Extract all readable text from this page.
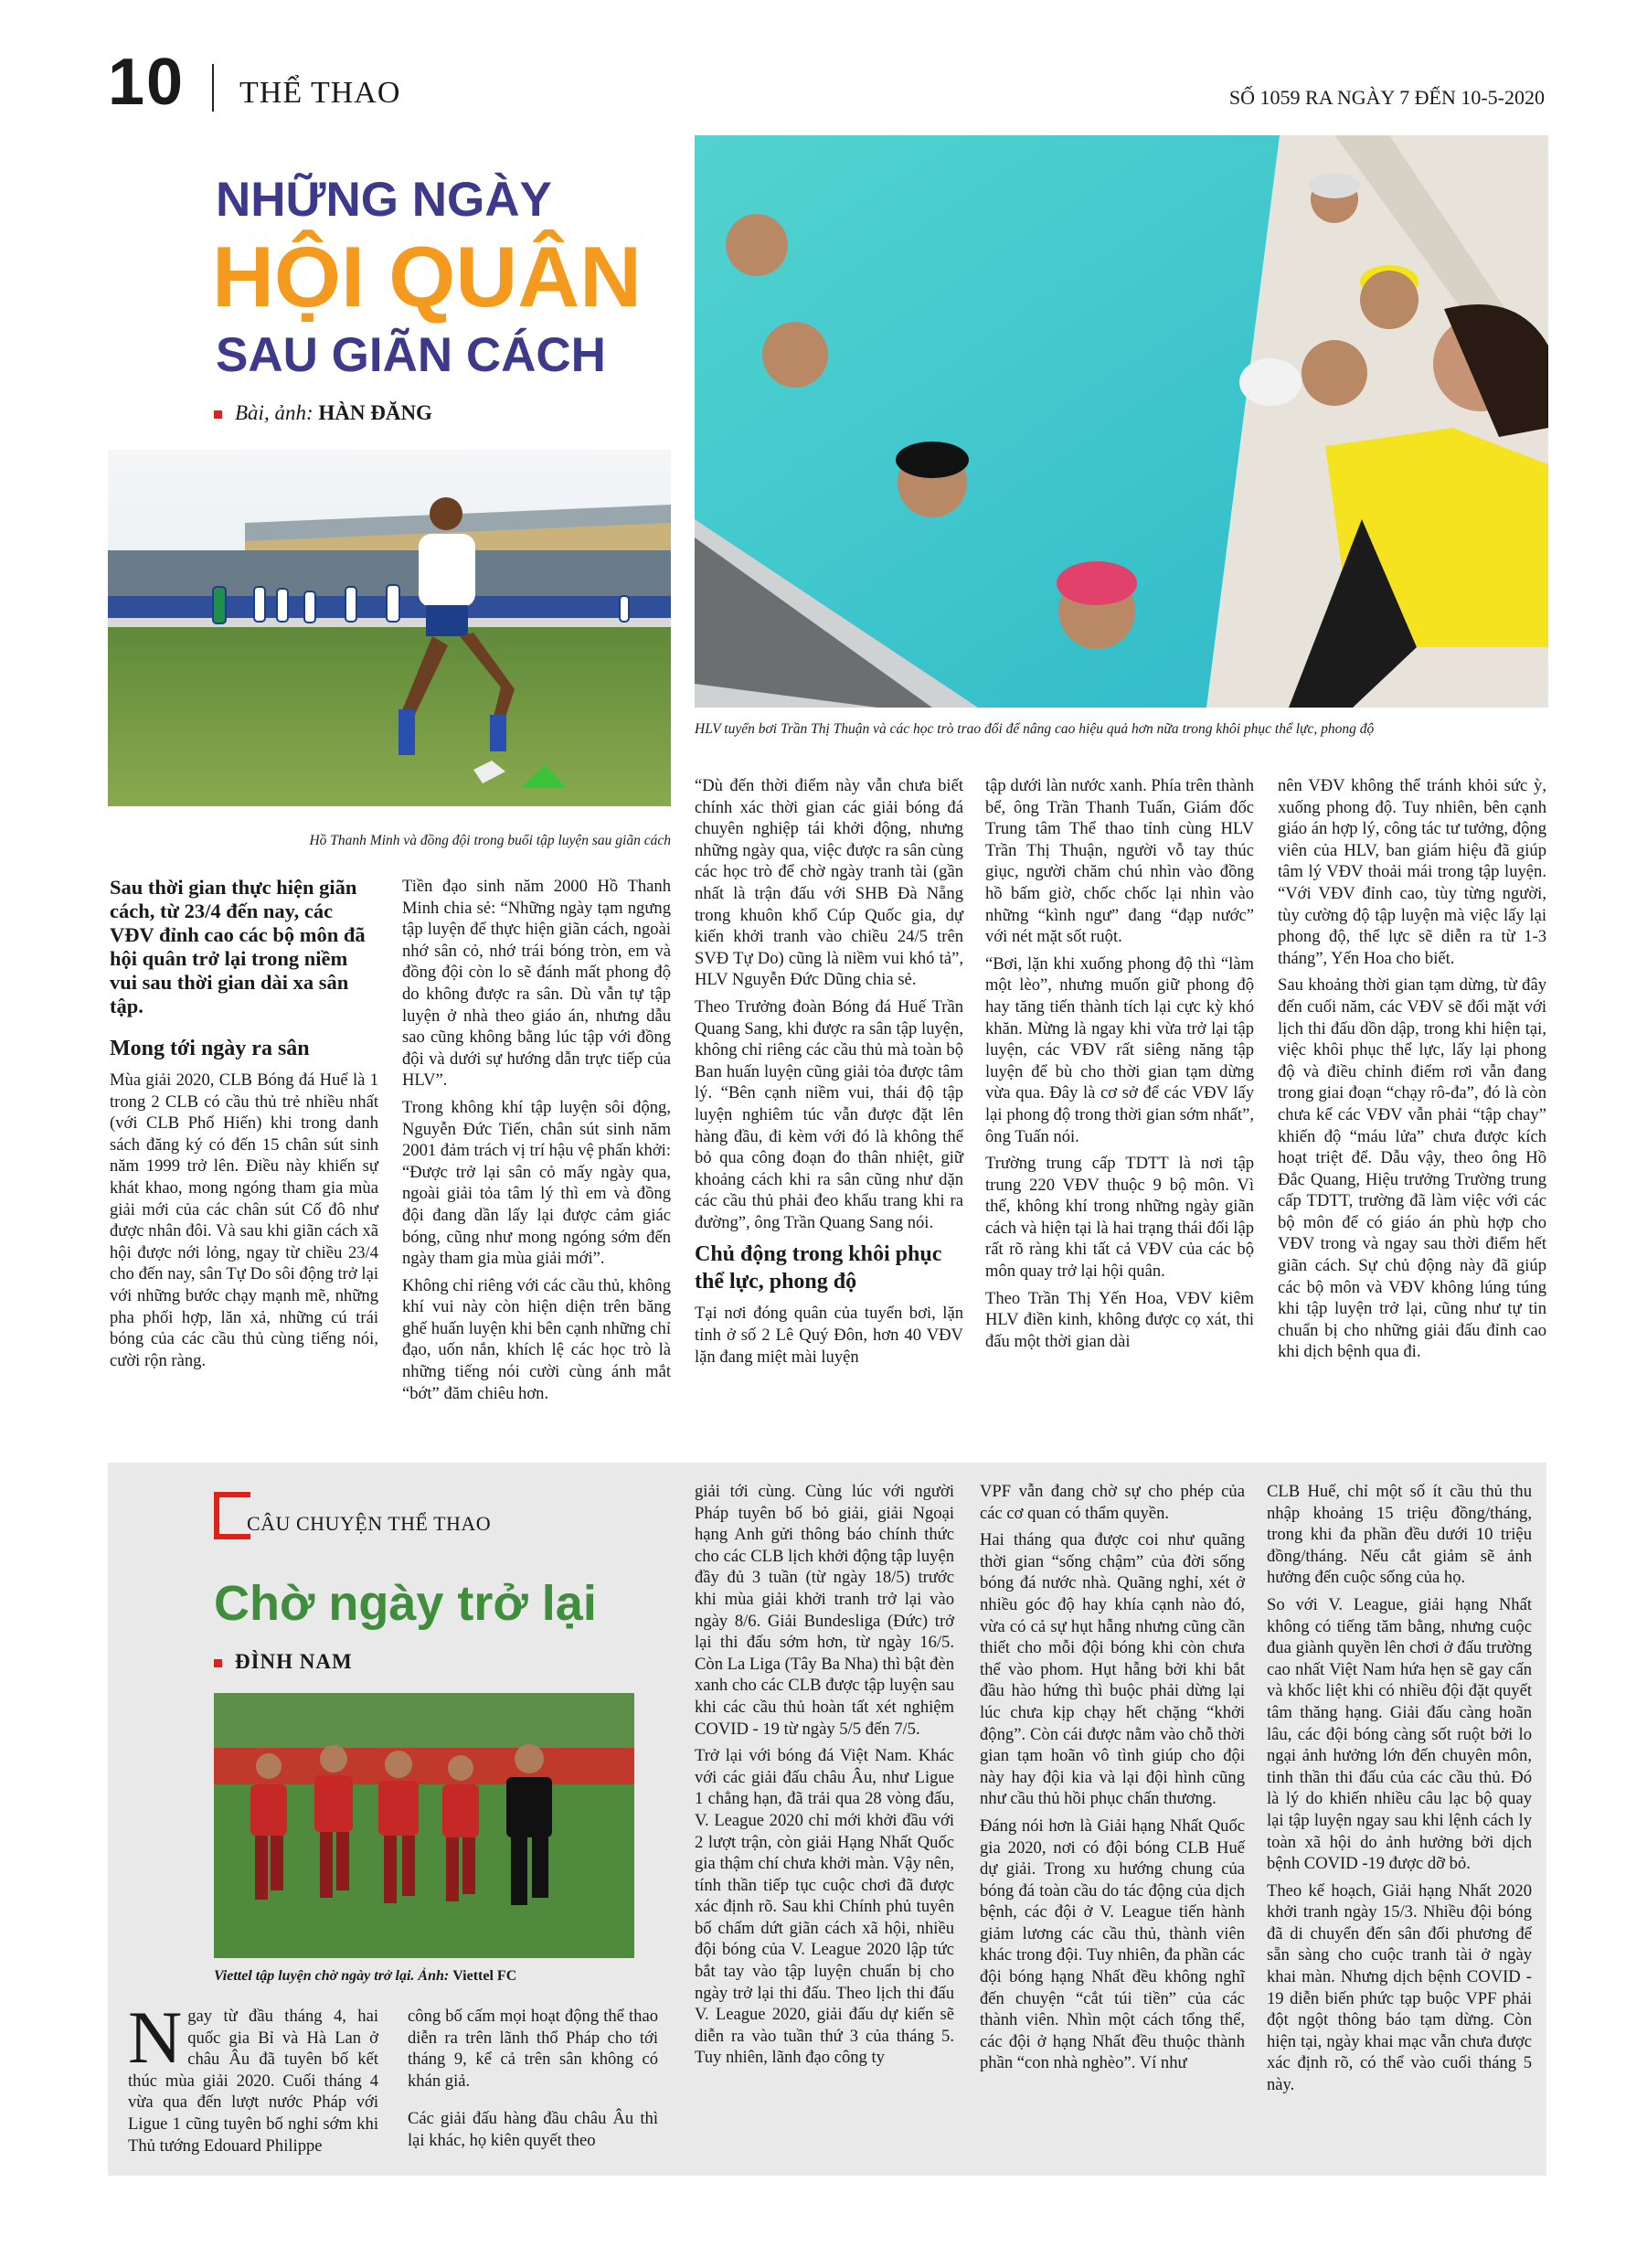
10 THỂ THAO	SỐ 1059 RA NGÀY 7 ĐẾN 10-5-2020
NHỮNG NGÀY
HỘI QUÂN
SAU GIÃN CÁCH
Bài, ảnh: HÀN ĐĂNG
Hồ Thanh Minh và đồng đội trong buổi tập luyện sau giãn cách
HLV tuyển bơi Trần Thị Thuận và các học trò trao đổi để nâng cao hiệu quả hơn nữa trong khôi phục thể lực, phong độ
Sau thời gian thực hiện giãn cách, từ 23/4 đến nay, các VĐV đỉnh cao các bộ môn đã hội quân trở lại trong niềm vui sau thời gian dài xa sân tập.
Mong tới ngày ra sân

Mùa giải 2020, CLB Bóng đá Huế là 1 trong 2 CLB có cầu thủ trẻ nhiều nhất (với CLB Phố Hiến) khi trong danh sách đăng ký có đến 15 chân sút sinh năm 1999 trở lên. Điều này khiến sự khát khao, mong ngóng tham gia mùa giải mới của các chân sút Cố đô như được nhân đôi. Và sau khi giãn cách xã hội được nới lỏng, ngay từ chiều 23/4 cho đến nay, sân Tự Do sôi động trở lại với những bước chạy mạnh mẽ, những pha phối hợp, lăn xả, những cú trái bóng của các cầu thủ cùng tiếng nói, cười rộn ràng.

Tiền đạo sinh năm 2000 Hồ Thanh Minh chia sẻ: “Những ngày tạm ngưng tập luyện để thực hiện giãn cách, ngoài nhớ sân cỏ, nhớ trái bóng tròn, em và đồng đội còn lo sẽ đánh mất phong độ do không được ra sân. Dù vẫn tự tập luyện ở nhà theo giáo án, nhưng dẫu sao cũng không bằng lúc tập với đồng đội và dưới sự hướng dẫn trực tiếp của HLV”.

Trong không khí tập luyện sôi động, Nguyễn Đức Tiến, chân sút sinh năm 2001 đảm trách vị trí hậu vệ phấn khởi: “Được trở lại sân cỏ mấy ngày qua, ngoài giải tỏa tâm lý thì em và đồng đội đang dần lấy lại được cảm giác bóng, cũng như mong ngóng sớm đến ngày tham gia mùa giải mới”.

Không chỉ riêng với các cầu thủ, không khí vui này còn hiện diện trên băng ghế huấn luyện khi bên cạnh những chỉ đạo, uốn nắn, khích lệ các học trò là những tiếng nói cười cùng ánh mắt “bớt” đăm chiêu hơn.

“Dù đến thời điểm này vẫn chưa biết chính xác thời gian các giải bóng đá chuyên nghiệp tái khởi động, nhưng những ngày qua, việc được ra sân cùng các học trò để chờ ngày tranh tài (gần nhất là trận đấu với SHB Đà Nẵng trong khuôn khổ Cúp Quốc gia, dự kiến khởi tranh vào chiều 24/5 trên SVĐ Tự Do) cũng là niềm vui khó tả”, HLV Nguyễn Đức Dũng chia sẻ.

Theo Trưởng đoàn Bóng đá Huế Trần Quang Sang, khi được ra sân tập luyện, không chỉ riêng các cầu thủ mà toàn bộ Ban huấn luyện cũng giải tỏa được tâm lý. “Bên cạnh niềm vui, thái độ tập luyện nghiêm túc vẫn được đặt lên hàng đầu, đi kèm với đó là không thể bỏ qua công đoạn đo thân nhiệt, giữ khoảng cách khi ra sân cũng như dặn các cầu thủ phải đeo khẩu trang khi ra đường”, ông Trần Quang Sang nói.

Chủ động trong khôi phục thể lực, phong độ

Tại nơi đóng quân của tuyển bơi, lặn tỉnh ở số 2 Lê Quý Đôn, hơn 40 VĐV lặn đang miệt mài luyện

tập dưới làn nước xanh. Phía trên thành bể, ông Trần Thanh Tuấn, Giám đốc Trung tâm Thể thao tỉnh cùng HLV Trần Thị Thuận, người vỗ tay thúc giục, người chăm chú nhìn vào đồng hồ bấm giờ, chốc chốc lại nhìn vào những “kình ngư” đang “đạp nước” với nét mặt sốt ruột.

“Bơi, lặn khi xuống phong độ thì “làm một lèo”, nhưng muốn giữ phong độ hay tăng tiến thành tích lại cực kỳ khó khăn. Mừng là ngay khi vừa trở lại tập luyện, các VĐV rất siêng năng tập luyện để bù cho thời gian tạm dừng vừa qua. Đây là cơ sở để các VĐV lấy lại phong độ trong thời gian sớm nhất”, ông Tuấn nói.

Trường trung cấp TDTT là nơi tập trung 220 VĐV thuộc 9 bộ môn. Vì thế, không khí trong những ngày giãn cách và hiện tại là hai trạng thái đối lập rất rõ ràng khi tất cả VĐV của các bộ môn quay trở lại hội quân.

Theo Trần Thị Yến Hoa, VĐV kiêm HLV điền kinh, không được cọ xát, thi đấu một thời gian dài

nên VĐV không thể tránh khỏi sức ỳ, xuống phong độ. Tuy nhiên, bên cạnh giáo án hợp lý, công tác tư tưởng, động viên của HLV, ban giám hiệu đã giúp tâm lý VĐV thoải mái trong tập luyện. “Với VĐV đỉnh cao, tùy từng người, tùy cường độ tập luyện mà việc lấy lại phong độ, thể lực sẽ diễn ra từ 1-3 tháng”, Yến Hoa cho biết.

Sau khoảng thời gian tạm dừng, từ đây đến cuối năm, các VĐV sẽ đối mặt với lịch thi đấu dồn dập, trong khi hiện tại, việc khôi phục thể lực, lấy lại phong độ và điều chỉnh điểm rơi vẫn đang trong giai đoạn “chạy rô-đa”, đó là còn chưa kể các VĐV vẫn phải “tập chay” khiến độ “máu lửa” chưa được kích hoạt triệt để. Dẫu vậy, theo ông Hồ Đắc Quang, Hiệu trưởng Trường trung cấp TDTT, trường đã làm việc với các bộ môn để có giáo án phù hợp cho VĐV trong và ngay sau thời điểm hết giãn cách. Sự chủ động này đã giúp các bộ môn và VĐV không lúng túng khi tập luyện trở lại, cũng như tự tin chuẩn bị cho những giải đấu đỉnh cao khi dịch bệnh qua đi.

CÂU CHUYỆN THỂ THAO
Chờ ngày trở lại
ĐÌNH NAM
Viettel tập luyện chờ ngày trở lại. Ảnh: Viettel FC

Ngay từ đầu tháng 4, hai quốc gia Bỉ và Hà Lan ở châu Âu đã tuyên bố kết thúc mùa giải 2020. Cuối tháng 4 vừa qua đến lượt nước Pháp với Ligue 1 cũng tuyên bố nghỉ sớm khi Thủ tướng Edouard Philippe

công bố cấm mọi hoạt động thể thao diễn ra trên lãnh thổ Pháp cho tới tháng 9, kể cả trên sân không có khán giả.

Các giải đấu hàng đầu châu Âu thì lại khác, họ kiên quyết theo

giải tới cùng. Cùng lúc với người Pháp tuyên bố bỏ giải, giải Ngoại hạng Anh gửi thông báo chính thức cho các CLB lịch khởi động tập luyện đầy đủ 3 tuần (từ ngày 18/5) trước khi mùa giải khởi tranh trở lại vào ngày 8/6. Giải Bundesliga (Đức) trở lại thi đấu sớm hơn, từ ngày 16/5. Còn La Liga (Tây Ba Nha) thì bật đèn xanh cho các CLB được tập luyện sau khi các cầu thủ hoàn tất xét nghiệm COVID - 19 từ ngày 5/5 đến 7/5.

Trở lại với bóng đá Việt Nam. Khác với các giải đấu châu Âu, như Ligue 1 chẳng hạn, đã trải qua 28 vòng đấu, V. League 2020 chỉ mới khởi đầu với 2 lượt trận, còn giải Hạng Nhất Quốc gia thậm chí chưa khởi màn. Vậy nên, tính thần tiếp tục cuộc chơi đã được xác định rõ. Sau khi Chính phủ tuyên bố chấm dứt giãn cách xã hội, nhiều đội bóng của V. League 2020 lập tức bắt tay vào tập luyện chuẩn bị cho ngày trở lại thi đấu. Theo lịch thi đấu V. League 2020, giải đấu dự kiến sẽ diễn ra vào tuần thứ 3 của tháng 5. Tuy nhiên, lãnh đạo công ty

VPF vẫn đang chờ sự cho phép của các cơ quan có thẩm quyền.

Hai tháng qua được coi như quãng thời gian “sống chậm” của đời sống bóng đá nước nhà. Quãng nghỉ, xét ở nhiều góc độ hay khía cạnh nào đó, vừa có cả sự hụt hẫng nhưng cũng cần thiết cho mỗi đội bóng khi còn chưa thể vào phom. Hụt hẫng bởi khi bắt đầu hào hứng thì buộc phải dừng lại lúc chưa kịp chạy hết chặng “khởi động”. Còn cái được nằm vào chỗ thời gian tạm hoãn vô tình giúp cho đội này hay đội kia và lại đội hình cũng như cầu thủ hồi phục chấn thương.

Đáng nói hơn là Giải hạng Nhất Quốc gia 2020, nơi có đội bóng CLB Huế dự giải. Trong xu hướng chung của bóng đá toàn cầu do tác động của dịch bệnh, các đội ở V. League tiến hành giảm lương các cầu thủ, thành viên khác trong đội. Tuy nhiên, đa phần các đội bóng hạng Nhất đều không nghĩ đến chuyện “cắt túi tiền” của các thành viên. Nhìn một cách tổng thể, các đội ở hạng Nhất đều thuộc thành phần “con nhà nghèo”. Ví như

CLB Huế, chỉ một số ít cầu thủ thu nhập khoảng 15 triệu đồng/tháng, trong khi đa phần đều dưới 10 triệu đồng/tháng. Nếu cắt giảm sẽ ảnh hưởng đến cuộc sống của họ.

So với V. League, giải hạng Nhất không có tiếng tăm bằng, nhưng cuộc đua giành quyền lên chơi ở đấu trường cao nhất Việt Nam hứa hẹn sẽ gay cấn và khốc liệt khi có nhiều đội đặt quyết tâm thăng hạng. Giải đấu càng hoãn lâu, các đội bóng càng sốt ruột bởi lo ngại ảnh hưởng lớn đến chuyên môn, tinh thần thi đấu của các cầu thủ. Đó là lý do khiến nhiều câu lạc bộ quay lại tập luyện ngay sau khi lệnh cách ly toàn xã hội do ảnh hưởng bởi dịch bệnh COVID -19 được dỡ bỏ.

Theo kế hoạch, Giải hạng Nhất 2020 khởi tranh ngày 15/3. Nhiều đội bóng đã di chuyển đến sân đối phương để sẵn sàng cho cuộc tranh tài ở ngày khai màn. Nhưng dịch bệnh COVID - 19 diễn biến phức tạp buộc VPF phải đột ngột thông báo tạm dừng. Còn hiện tại, ngày khai mạc vẫn chưa được xác định rõ, có thể vào cuối tháng 5 này.
